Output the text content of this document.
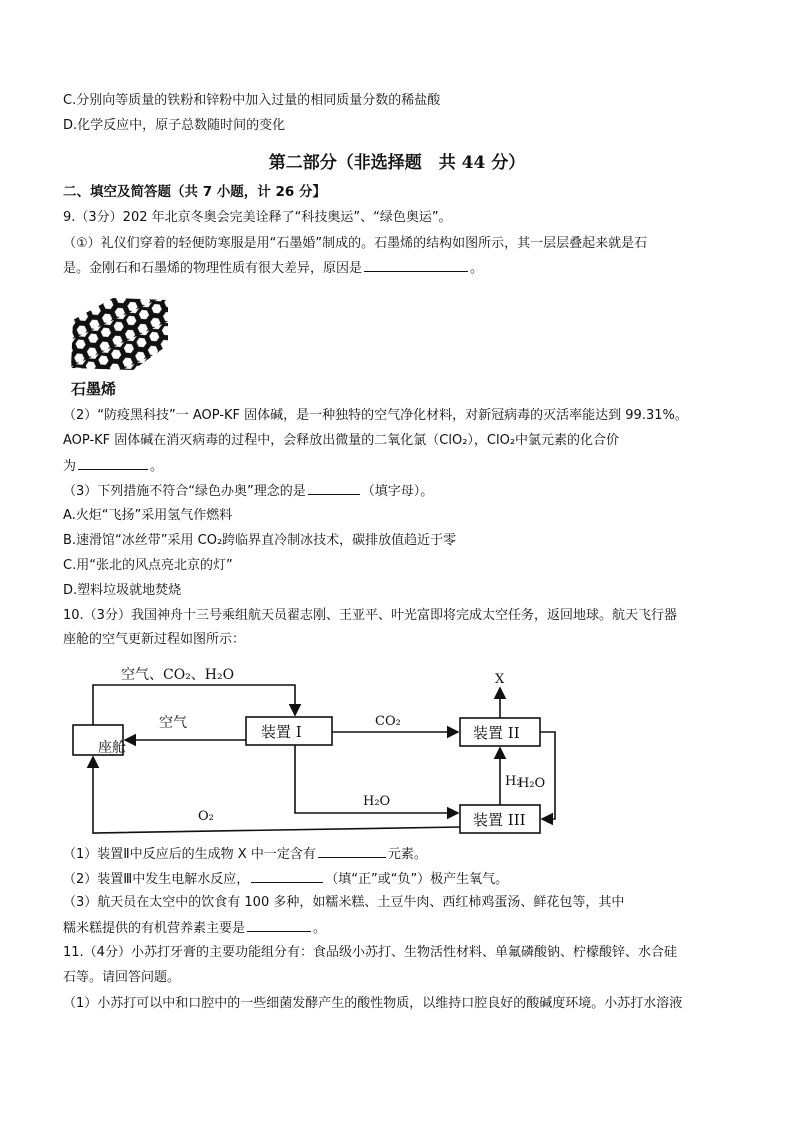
C.分别向等质量的铁粉和锌粉中加入过量的相同质量分数的稀盐酸
D.化学反应中，原子总数随时间的变化
第二部分（非选择题　共 44 分）
二、填空及简答题（共 7 小题，计 26 分】
9.（3分）202 年北京冬奥会完美诠释了“科技奥运”、“绿色奥运”。
（①）礼仪们穿着的轻便防寒服是用“石墨婚”制成的。石墨烯的结构如图所示，其一层层叠起来就是石
是。金刚石和石墨烯的物理性质有很大差异，原因是	。
石墨烯
（2）“防疫黑科技”一 AOP-KF 固体碱，是一种独特的空气净化材料，对新冠病毒的灭活率能达到 99.31%。
AOP-KF 固体碱在消灭病毒的过程中，会释放出微量的二氧化氯（ClO₂），ClO₂中氯元素的化合价
为	。
（3）下列措施不符合“绿色办奥”理念的是	（填字母）。
A.火炬“飞扬”采用氢气作燃料
B.速滑馆“冰丝带”采用 CO₂跨临界直冷制冰技术，碳排放值趋近于零
C.用“张北的风点亮北京的灯”
D.塑料垃圾就地焚烧
10.（3分）我国神舟十三号乘组航天员翟志刚、王亚平、叶光富即将完成太空任务，返回地球。航天飞行器
座舱的空气更新过程如图所示：
座舱
装置 I	装置 II
装置 III
空气、CO₂、H₂O
空气	CO₂
H₂O
H₂O
H₂
O₂
X
（1）装置Ⅱ中反应后的生成物 X 中一定含有	元素。
（2）装置Ⅲ中发生电解水反应，	（填“正”或“负”）极产生氧气。
（3）航天员在太空中的饮食有 100 多种，如糯米糕、土豆牛肉、西红柿鸡蛋汤、鲜花包等，其中
糯米糕提供的有机营养素主要是	。
11.（4分）小苏打牙膏的主要功能组分有：食品级小苏打、生物活性材料、单氟磷酸钠、柠檬酸锌、水合硅
石等。请回答问题。
（1）小苏打可以中和口腔中的一些细菌发酵产生的酸性物质，以维持口腔良好的酸碱度环境。小苏打水溶液
